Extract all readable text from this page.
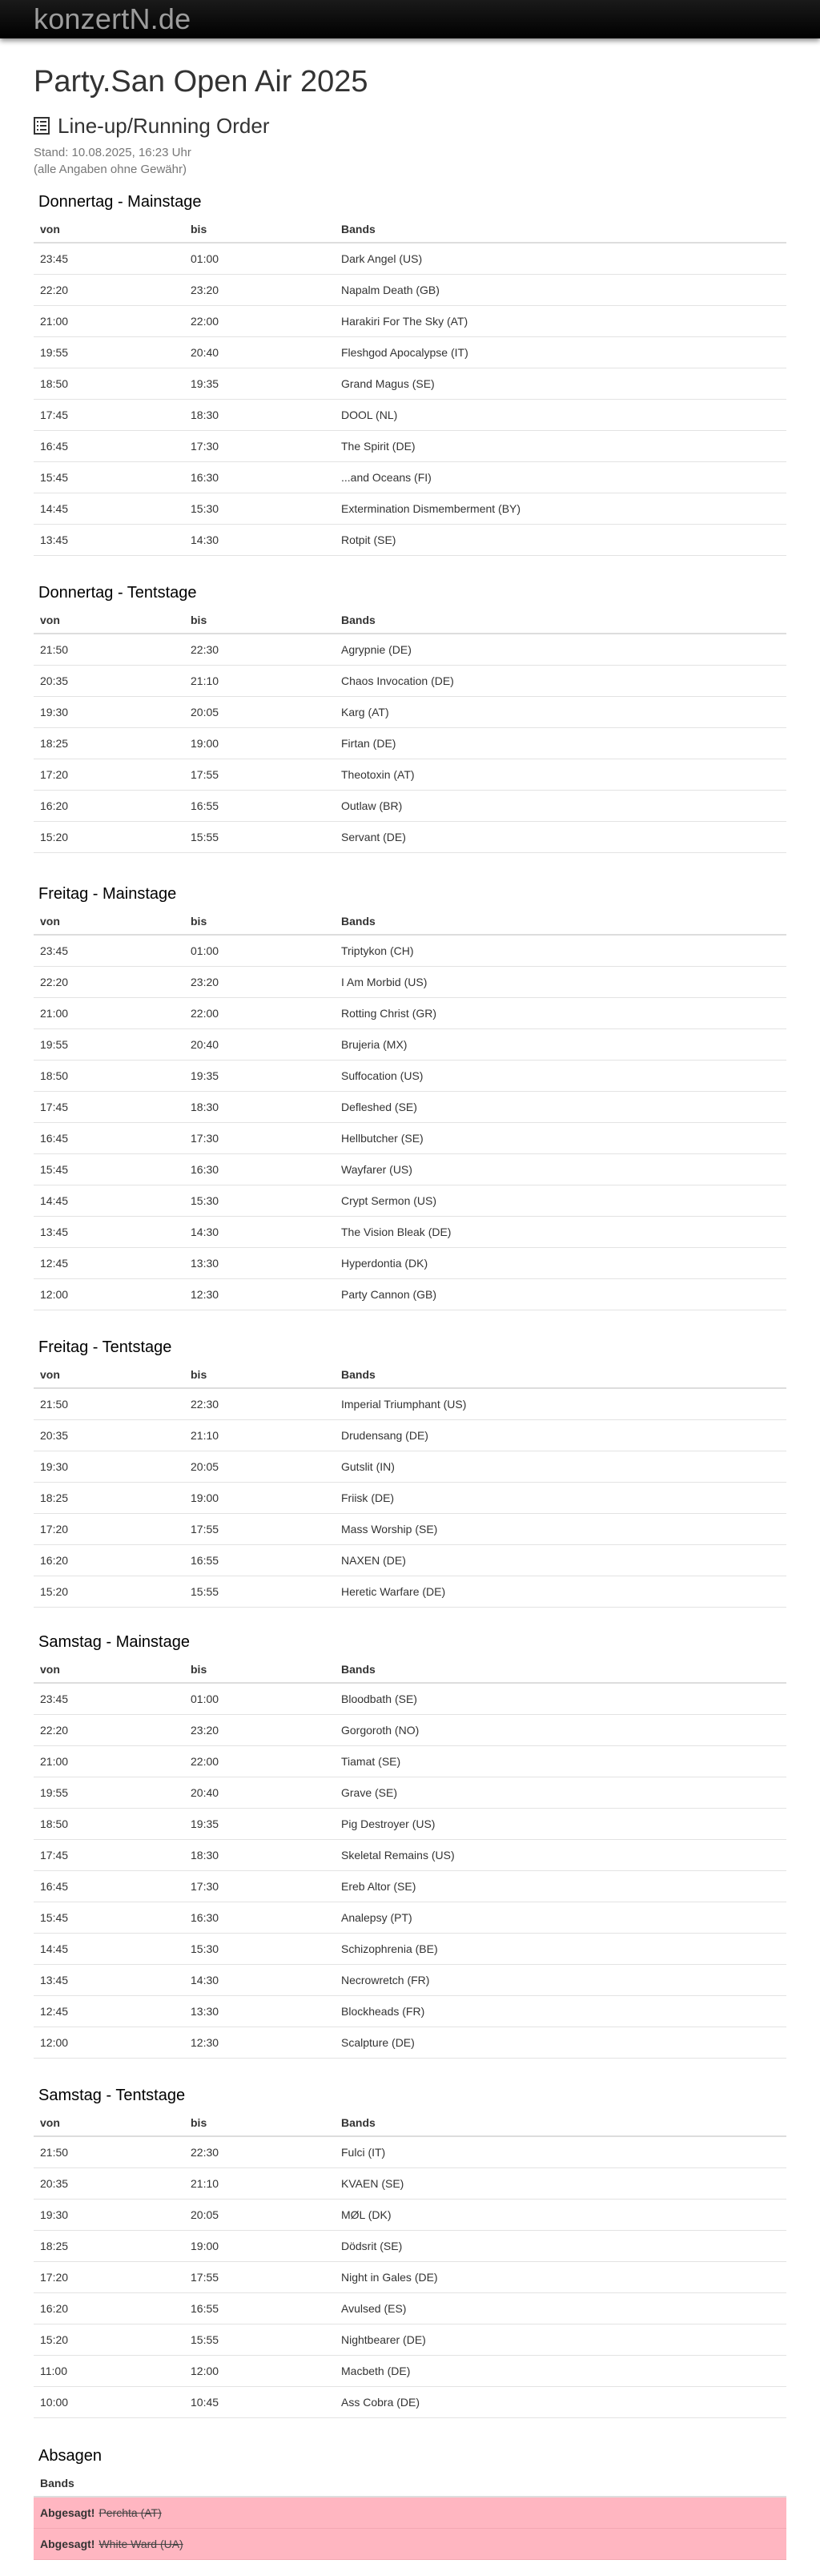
konzertN.de
Party.San Open Air 2025
Line-up/Running Order
Stand: 10.08.2025, 16:23 Uhr
(alle Angaben ohne Gewähr)
Donnertag - Mainstage
von	bis	Bands
23:45	01:00	Dark Angel (US)
22:20	23:20	Napalm Death (GB)
21:00	22:00	Harakiri For The Sky (AT)
19:55	20:40	Fleshgod Apocalypse (IT)
18:50	19:35	Grand Magus (SE)
17:45	18:30	DOOL (NL)
16:45	17:30	The Spirit (DE)
15:45	16:30	...and Oceans (FI)
14:45	15:30	Extermination Dismemberment (BY)
13:45	14:30	Rotpit (SE)
Donnertag - Tentstage
von	bis	Bands
21:50	22:30	Agrypnie (DE)
20:35	21:10	Chaos Invocation (DE)
19:30	20:05	Karg (AT)
18:25	19:00	Firtan (DE)
17:20	17:55	Theotoxin (AT)
16:20	16:55	Outlaw (BR)
15:20	15:55	Servant (DE)
Freitag - Mainstage
von	bis	Bands
23:45	01:00	Triptykon (CH)
22:20	23:20	I Am Morbid (US)
21:00	22:00	Rotting Christ (GR)
19:55	20:40	Brujeria (MX)
18:50	19:35	Suffocation (US)
17:45	18:30	Defleshed (SE)
16:45	17:30	Hellbutcher (SE)
15:45	16:30	Wayfarer (US)
14:45	15:30	Crypt Sermon (US)
13:45	14:30	The Vision Bleak (DE)
12:45	13:30	Hyperdontia (DK)
12:00	12:30	Party Cannon (GB)
Freitag - Tentstage
von	bis	Bands
21:50	22:30	Imperial Triumphant (US)
20:35	21:10	Drudensang (DE)
19:30	20:05	Gutslit (IN)
18:25	19:00	Friisk (DE)
17:20	17:55	Mass Worship (SE)
16:20	16:55	NAXEN (DE)
15:20	15:55	Heretic Warfare (DE)
Samstag - Mainstage
von	bis	Bands
23:45	01:00	Bloodbath (SE)
22:20	23:20	Gorgoroth (NO)
21:00	22:00	Tiamat (SE)
19:55	20:40	Grave (SE)
18:50	19:35	Pig Destroyer (US)
17:45	18:30	Skeletal Remains (US)
16:45	17:30	Ereb Altor (SE)
15:45	16:30	Analepsy (PT)
14:45	15:30	Schizophrenia (BE)
13:45	14:30	Necrowretch (FR)
12:45	13:30	Blockheads (FR)
12:00	12:30	Scalpture (DE)
Samstag - Tentstage
von	bis	Bands
21:50	22:30	Fulci (IT)
20:35	21:10	KVAEN (SE)
19:30	20:05	MØL (DK)
18:25	19:00	Dödsrit (SE)
17:20	17:55	Night in Gales (DE)
16:20	16:55	Avulsed (ES)
15:20	15:55	Nightbearer (DE)
11:00	12:00	Macbeth (DE)
10:00	10:45	Ass Cobra (DE)
Absagen
Bands
Abgesagt! Perchta (AT)
Abgesagt! White Ward (UA)
